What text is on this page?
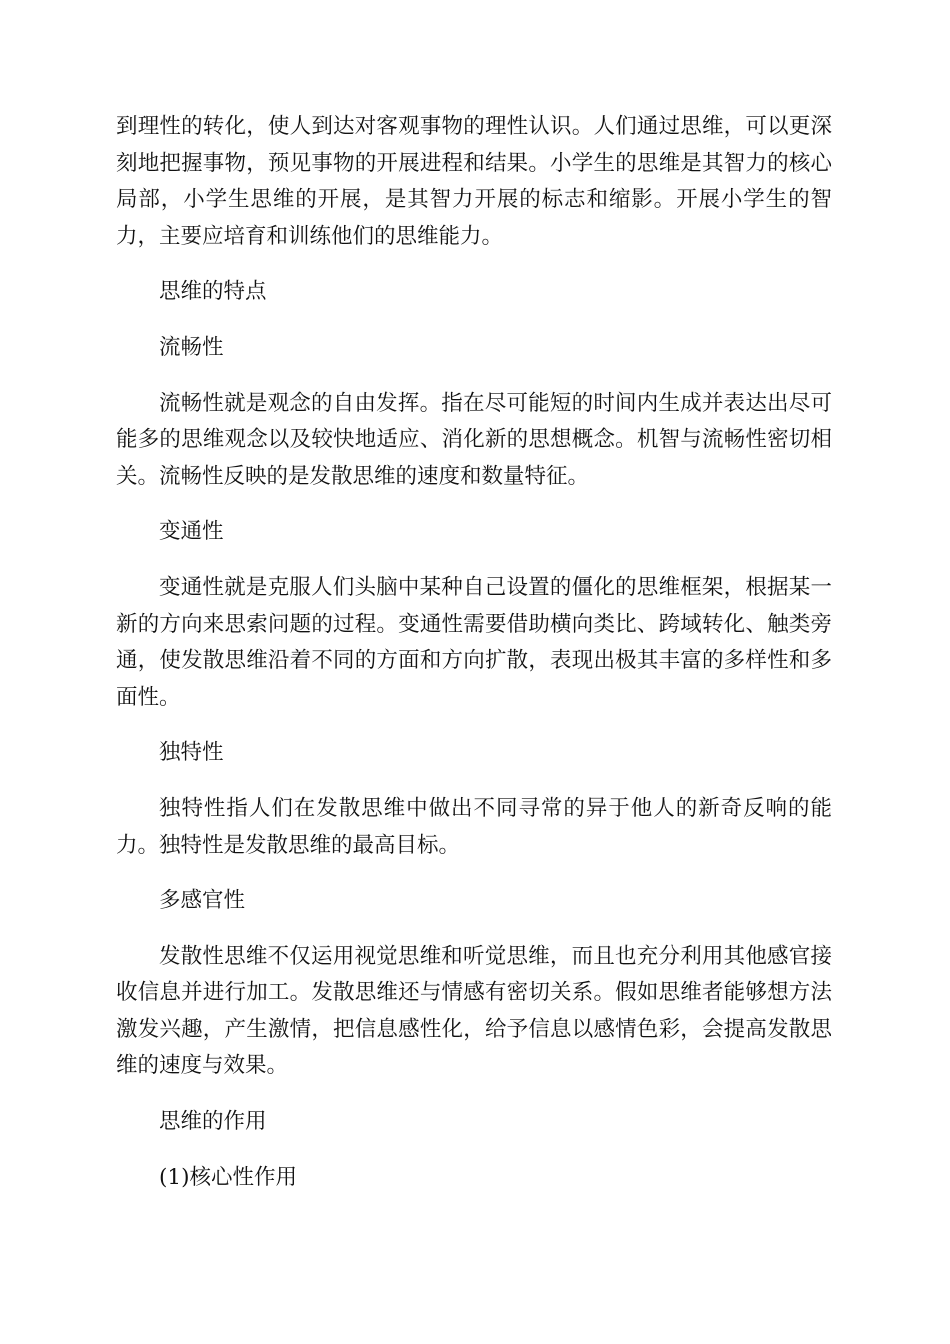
到理性的转化，使人到达对客观事物的理性认识。人们通过思维，可以更深刻地把握事物，预见事物的开展进程和结果。小学生的思维是其智力的核心局部，小学生思维的开展，是其智力开展的标志和缩影。开展小学生的智力，主要应培育和训练他们的思维能力。

思维的特点

流畅性

流畅性就是观念的自由发挥。指在尽可能短的时间内生成并表达出尽可能多的思维观念以及较快地适应、消化新的思想概念。机智与流畅性密切相关。流畅性反映的是发散思维的速度和数量特征。

变通性

变通性就是克服人们头脑中某种自己设置的僵化的思维框架，根据某一新的方向来思索问题的过程。变通性需要借助横向类比、跨域转化、触类旁通，使发散思维沿着不同的方面和方向扩散，表现出极其丰富的多样性和多面性。

独特性

独特性指人们在发散思维中做出不同寻常的异于他人的新奇反响的能力。独特性是发散思维的最高目标。

多感官性

发散性思维不仅运用视觉思维和听觉思维，而且也充分利用其他感官接收信息并进行加工。发散思维还与情感有密切关系。假如思维者能够想方法激发兴趣，产生激情，把信息感性化，给予信息以感情色彩，会提高发散思维的速度与效果。

思维的作用

(1)核心性作用
